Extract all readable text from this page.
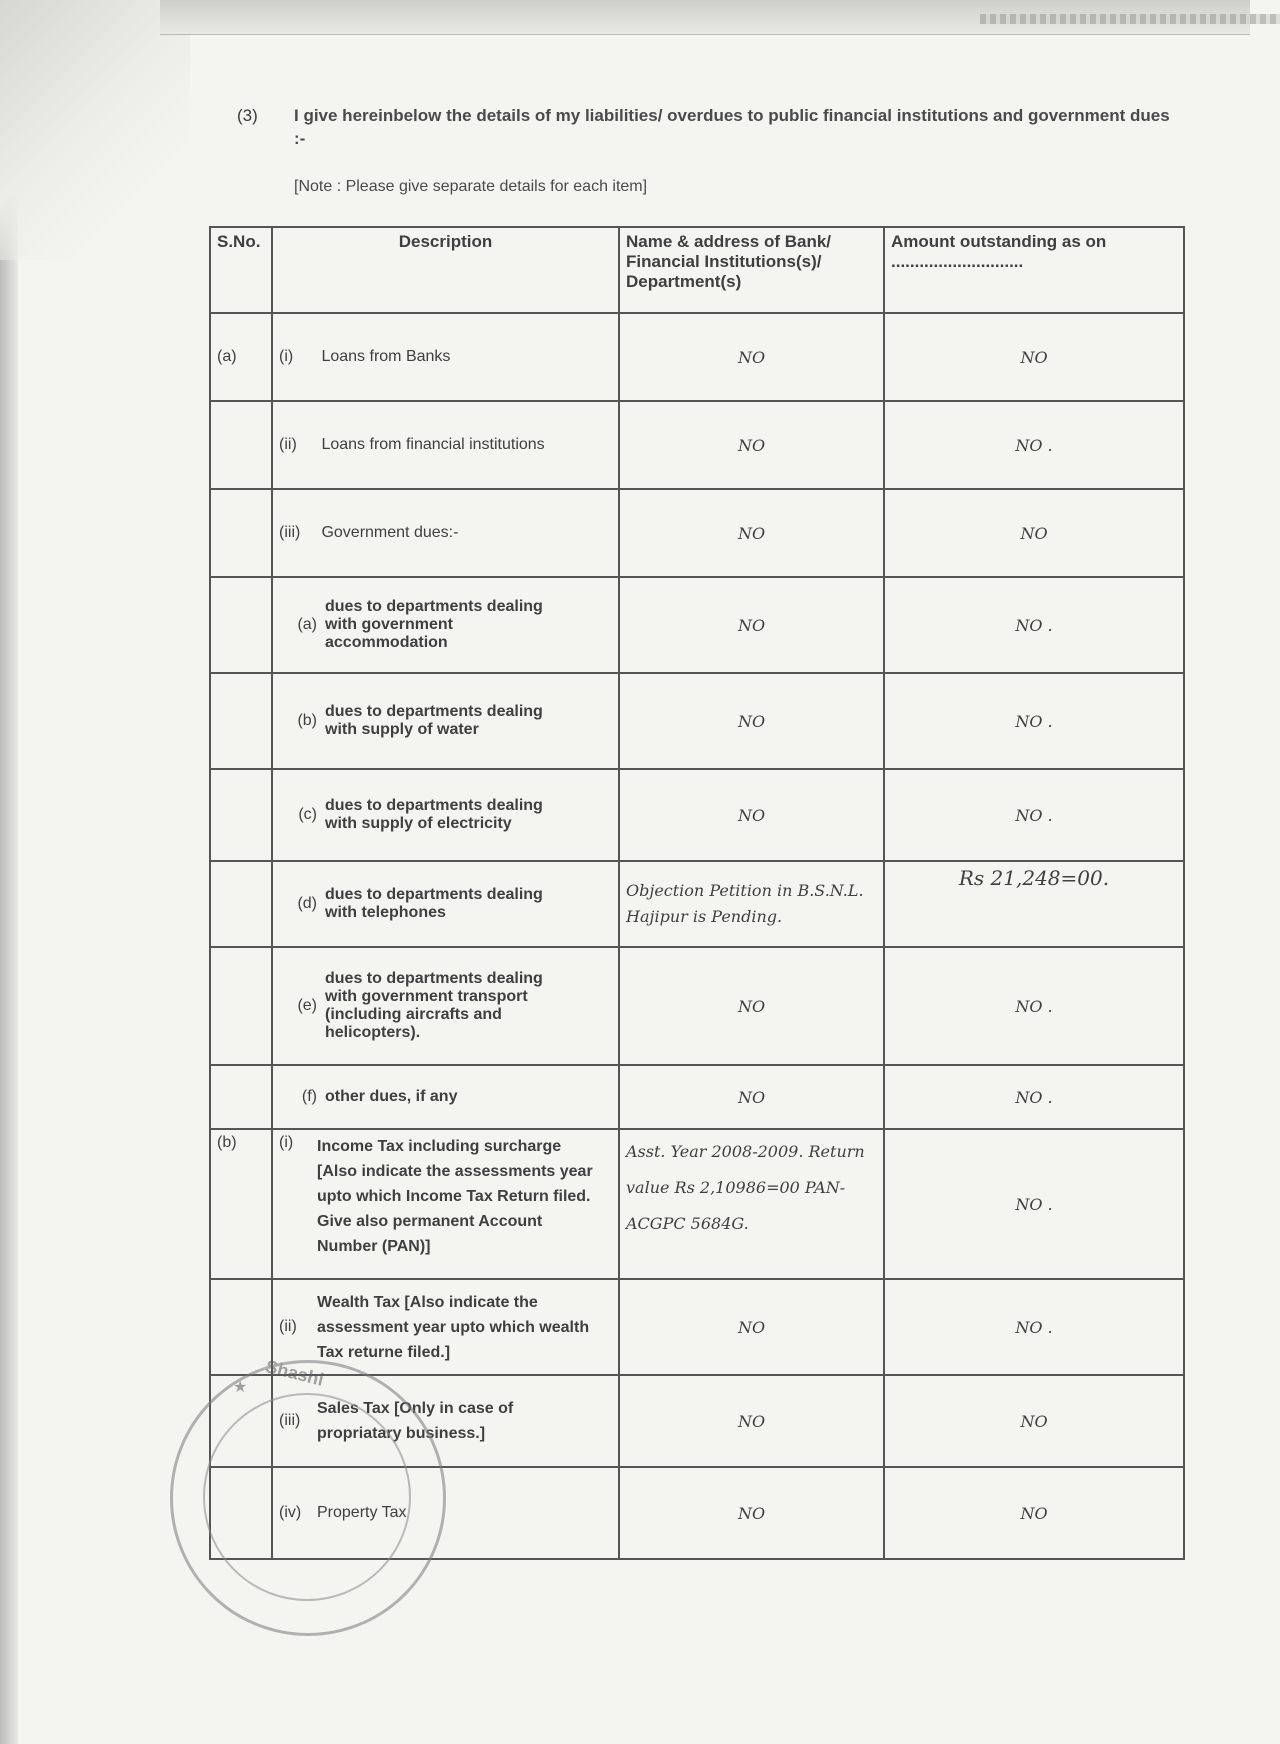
(3) I give hereinbelow the details of my liabilities/ overdues to public financial institutions and government dues :-
[Note : Please give separate details for each item]
S.No.	Description	Name & address of Bank/ Financial Institutions(s)/ Department(s)	Amount outstanding as on ............................
(a)	(i) Loans from Banks	NO	NO
	(ii) Loans from financial institutions	NO	NO .
	(iii) Government dues:-	NO	NO
	(a)dues to departments dealing with government accommodation	NO	NO .
	(b)dues to departments dealing with supply of water	NO	NO .
	(c)dues to departments dealing with supply of electricity	NO	NO .
	(d)dues to departments dealing with telephones	Objection Petition in B.S.N.L. Hajipur is Pending.	Rs 21,248=00.
	(e)dues to departments dealing with government transport (including aircrafts and helicopters).	NO	NO .
	(f) other dues, if any	NO	NO .
(b)	(i) Income Tax including surcharge [Also indicate the assessments year upto which Income Tax Return filed. Give also permanent Account Number (PAN)]	Asst. Year 2008-2009. Return value Rs 2,10986=00 PAN- ACGPC 5684G.	NO .
	(ii)Wealth Tax [Also indicate the assessment year upto which wealth Tax returne filed.]	NO	NO .
	(iii)Sales Tax [Only in case of propriatary business.]	NO	NO
	(iv) Property Tax	NO	NO
★ Shashi
